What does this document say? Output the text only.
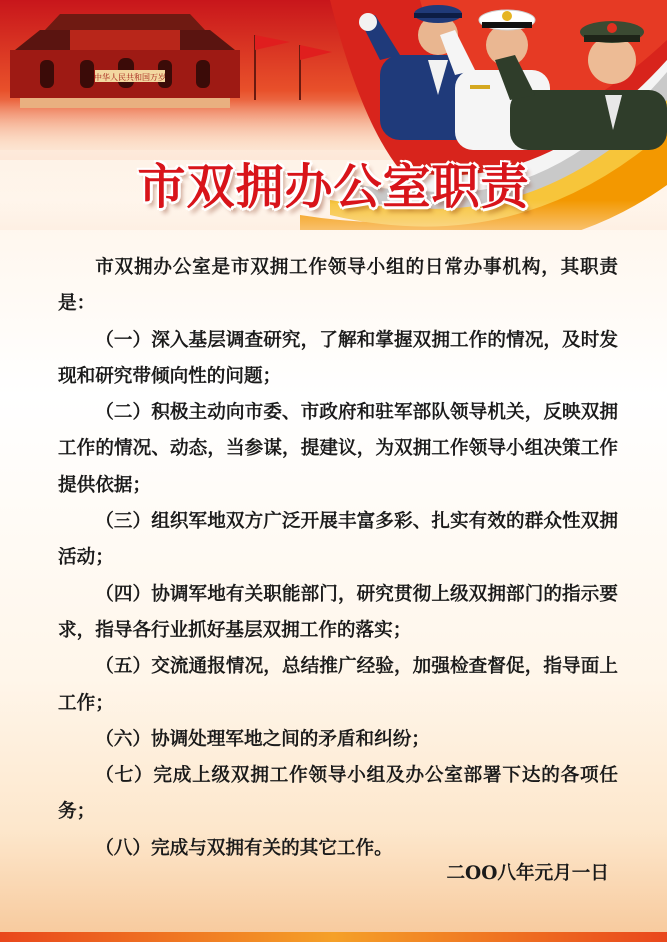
中华人民共和国万岁
市双拥办公室职责

市双拥办公室是市双拥工作领导小组的日常办事机构，其职责是：

（一）深入基层调查研究，了解和掌握双拥工作的情况，及时发现和研究带倾向性的问题；

（二）积极主动向市委、市政府和驻军部队领导机关，反映双拥工作的情况、动态，当参谋，提建议，为双拥工作领导小组决策工作提供依据；

（三）组织军地双方广泛开展丰富多彩、扎实有效的群众性双拥活动；

（四）协调军地有关职能部门，研究贯彻上级双拥部门的指示要求，指导各行业抓好基层双拥工作的落实；

（五）交流通报情况，总结推广经验，加强检查督促，指导面上工作；

（六）协调处理军地之间的矛盾和纠纷；

（七）完成上级双拥工作领导小组及办公室部署下达的各项任务；

（八）完成与双拥有关的其它工作。

二OO八年元月一日
